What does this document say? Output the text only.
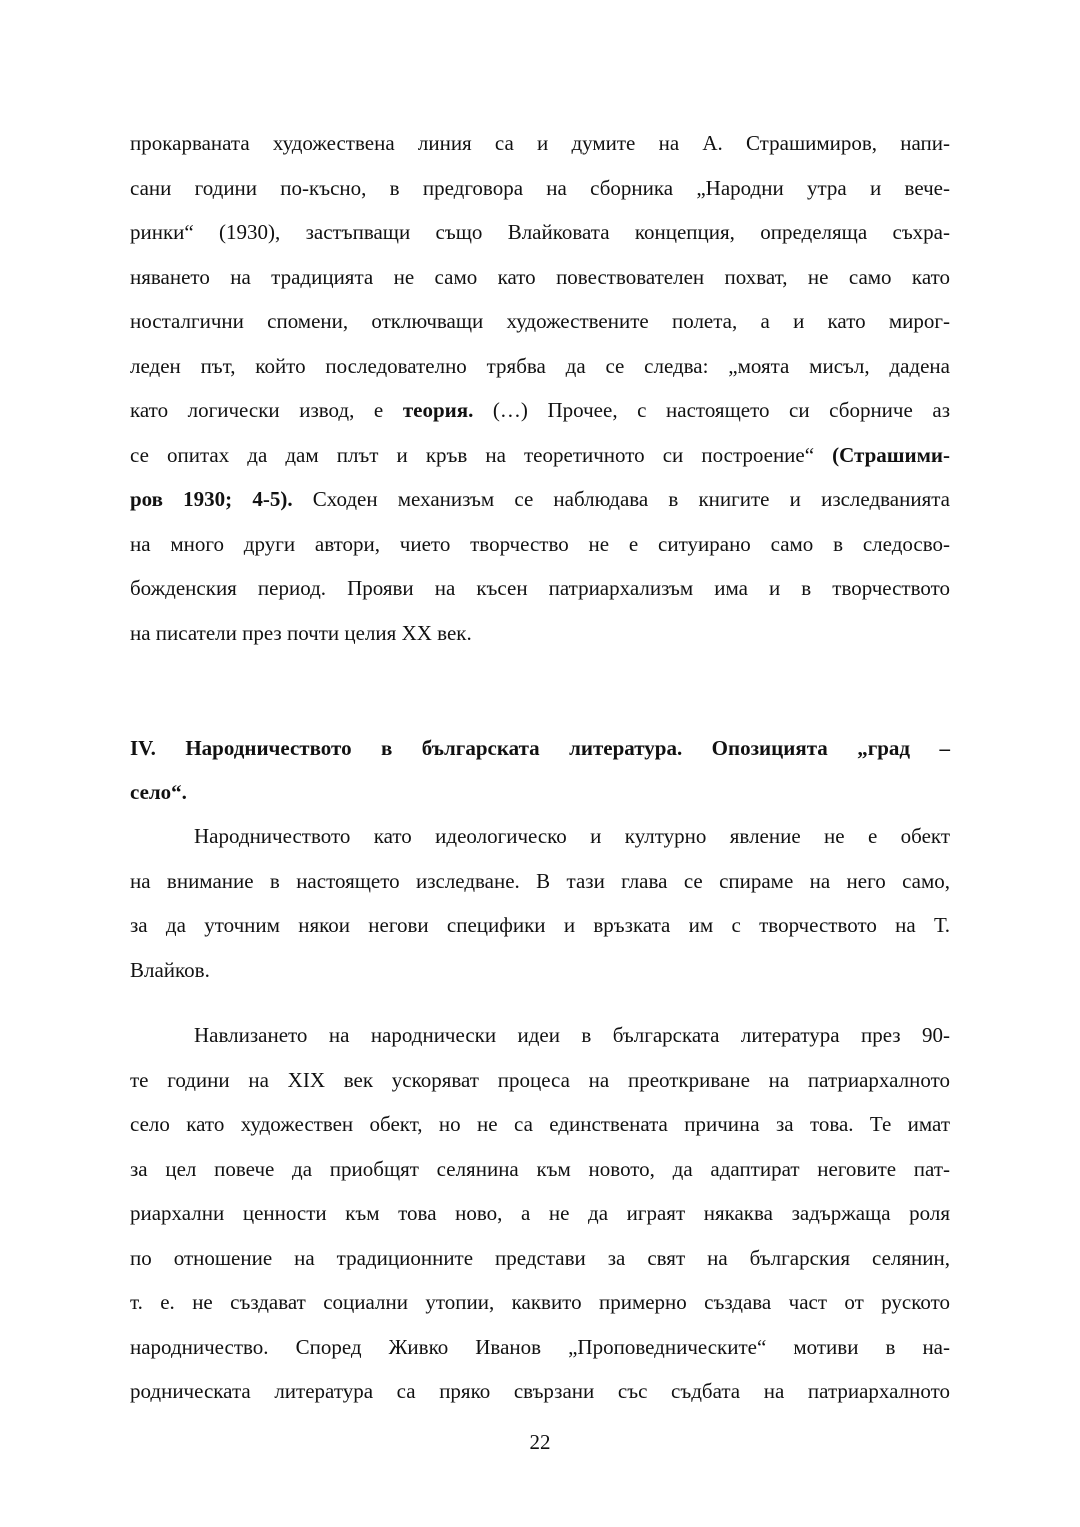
прокарваната художествена линия са и думите на А. Страшимиров, напи-
сани години по-късно, в предговора на сборника „Народни утра и вече-
ринки“ (1930), застъпващи също Влайковата концепция, определяща съхра-
няването на традицията не само като повествователен похват, не само като
носталгични спомени, отключващи художествените полета, а и като мирог-
леден път, който последователно трябва да се следва: „моята мисъл, дадена
като логически извод, е теория. (…) Прочее, с настоящето си сборниче аз
се опитах да дам плът и кръв на теоретичното си построение“ (Страшими-
ров 1930; 4-5). Сходен механизъм се наблюдава в книгите и изследванията
на много други автори, чието творчество не е ситуирано само в следосво-
божденския период. Прояви на късен патриархализъм има и в творчеството
на писатели през почти целия XX век.
IV. Народничеството в българската литература. Опозицията „град –
село“.
Народничеството като идеологическо и културно явление не е обект
на внимание в настоящето изследване. В тази глава се спираме на него само,
за да уточним някои негови специфики и връзката им с творчеството на Т.
Влайков.
Навлизането на народнически идеи в българската литература през 90-
те години на XIX век ускоряват процеса на преоткриване на патриархалното
село като художествен обект, но не са единствената причина за това. Те имат
за цел повече да приобщят селянина към новото, да адаптират неговите пат-
риархални ценности към това ново, а не да играят някаква задържаща роля
по отношение на традиционните представи за свят на българския селянин,
т. е. не създават социални утопии, каквито примерно създава част от руското
народничество. Според Живко Иванов „Проповедническите“ мотиви в на-
родническата литература са пряко свързани със съдбата на патриархалното
22
